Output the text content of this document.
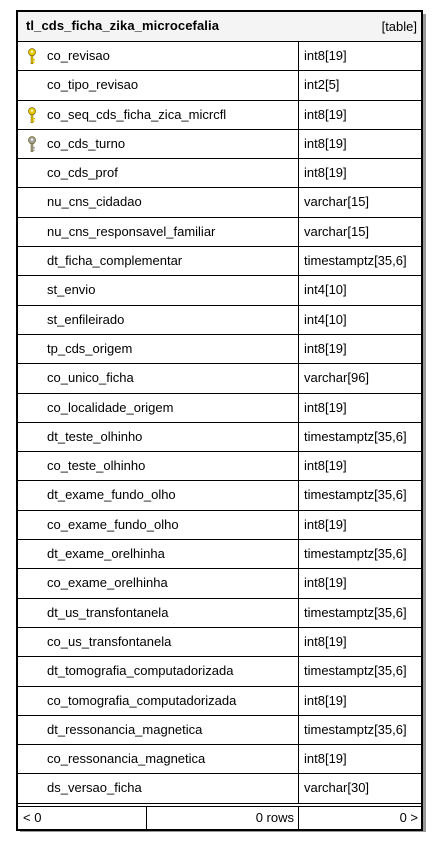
tl_cds_ficha_zika_microcefalia	[table]
co_revisao	int8[19]
co_tipo_revisao	int2[5]
co_seq_cds_ficha_zica_micrcfl	int8[19]
co_cds_turno	int8[19]
co_cds_prof	int8[19]
nu_cns_cidadao	varchar[15]
nu_cns_responsavel_familiar	varchar[15]
dt_ficha_complementar	timestamptz[35,6]
st_envio	int4[10]
st_enfileirado	int4[10]
tp_cds_origem	int8[19]
co_unico_ficha	varchar[96]
co_localidade_origem	int8[19]
dt_teste_olhinho	timestamptz[35,6]
co_teste_olhinho	int8[19]
dt_exame_fundo_olho	timestamptz[35,6]
co_exame_fundo_olho	int8[19]
dt_exame_orelhinha	timestamptz[35,6]
co_exame_orelhinha	int8[19]
dt_us_transfontanela	timestamptz[35,6]
co_us_transfontanela	int8[19]
dt_tomografia_computadorizada	timestamptz[35,6]
co_tomografia_computadorizada	int8[19]
dt_ressonancia_magnetica	timestamptz[35,6]
co_ressonancia_magnetica	int8[19]
ds_versao_ficha	varchar[30]
< 0	0 rows	0 >
